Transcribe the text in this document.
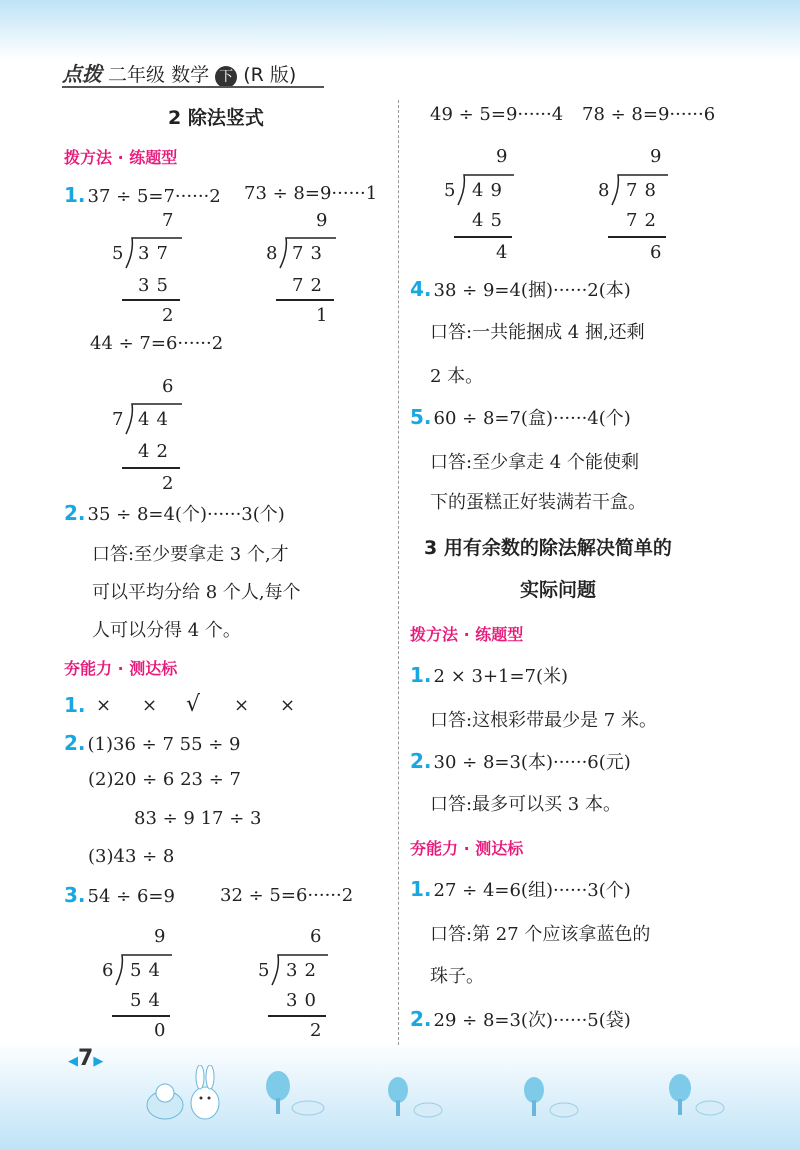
点拨 二年级 数学 下 (R 版)
2 除法竖式
拨方法 · 练题型
1. 37 ÷ 5=7······2 73 ÷ 8=9······1
7
5 37
35
2
9
8 73
72
1
44 ÷ 7=6······2
6
7 44
42
2
2. 35 ÷ 8=4(个)······3(个)
口答:至少要拿走 3 个,才
可以平均分给 8 个人,每个
人可以分得 4 个。
夯能力 · 测达标
1. × × √ × ×
2. (1)36 ÷ 7 55 ÷ 9
(2)20 ÷ 6 23 ÷ 7
83 ÷ 9 17 ÷ 3
(3)43 ÷ 8
3. 54 ÷ 6=9	32 ÷ 5=6······2
9
6 54
54
0
6
5 32
30
2
49 ÷ 5=9······4 78 ÷ 8=9······6
9
5 49
45
4
9
8 78
72
6
4. 38 ÷ 9=4(捆)······2(本)
口答:一共能捆成 4 捆,还剩
2 本。
5. 60 ÷ 8=7(盒)······4(个)
口答:至少拿走 4 个能使剩
下的蛋糕正好装满若干盒。
3 用有余数的除法解决简单的
实际问题
拨方法 · 练题型
1. 2 × 3+1=7(米)
口答:这根彩带最少是 7 米。
2. 30 ÷ 8=3(本)······6(元)
口答:最多可以买 3 本。
夯能力 · 测达标
1. 27 ÷ 4=6(组)······3(个)
口答:第 27 个应该拿蓝色的
珠子。
2. 29 ÷ 8=3(次)······5(袋)
◀7▶
